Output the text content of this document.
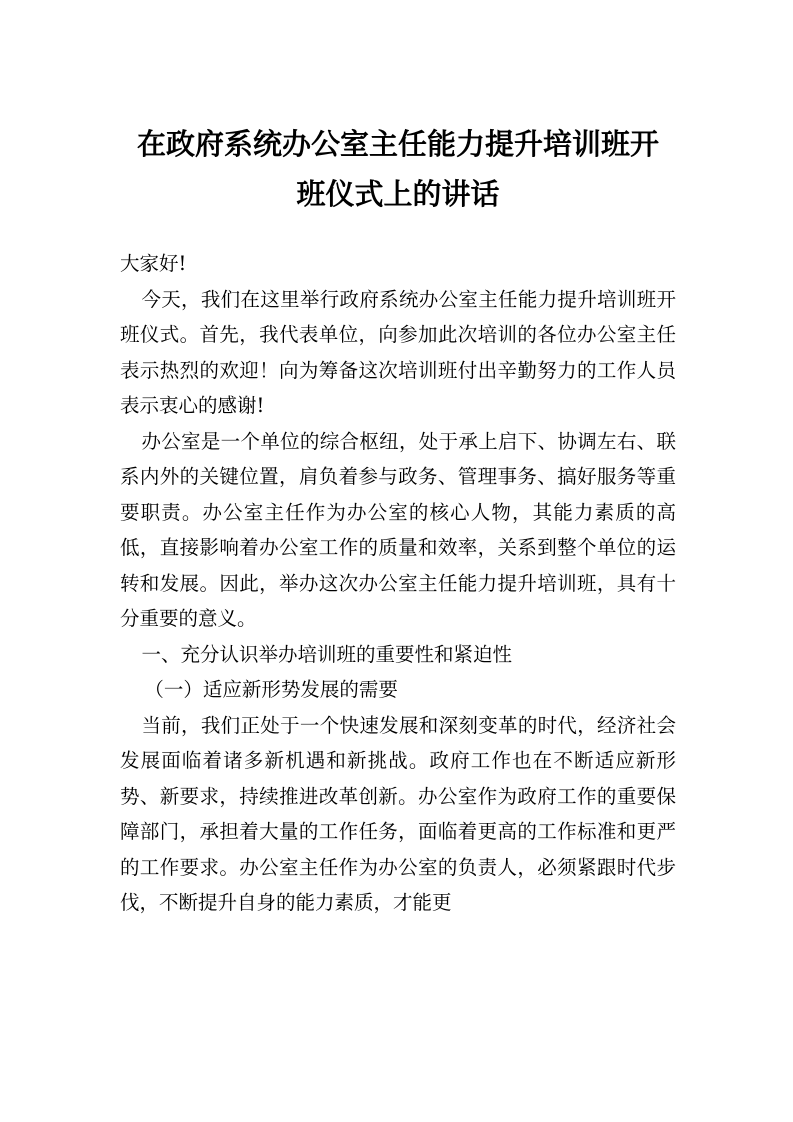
在政府系统办公室主任能力提升培训班开
班仪式上的讲话

大家好!

今天，我们在这里举行政府系统办公室主任能力提升培训班开班仪式。首先，我代表单位，向参加此次培训的各位办公室主任表示热烈的欢迎！向为筹备这次培训班付出辛勤努力的工作人员表示衷心的感谢!

办公室是一个单位的综合枢纽，处于承上启下、协调左右、联系内外的关键位置，肩负着参与政务、管理事务、搞好服务等重要职责。办公室主任作为办公室的核心人物，其能力素质的高低，直接影响着办公室工作的质量和效率，关系到整个单位的运转和发展。因此，举办这次办公室主任能力提升培训班，具有十分重要的意义。

一、充分认识举办培训班的重要性和紧迫性

（一）适应新形势发展的需要

当前，我们正处于一个快速发展和深刻变革的时代，经济社会发展面临着诸多新机遇和新挑战。政府工作也在不断适应新形势、新要求，持续推进改革创新。办公室作为政府工作的重要保障部门，承担着大量的工作任务，面临着更高的工作标准和更严的工作要求。办公室主任作为办公室的负责人，必须紧跟时代步伐，不断提升自身的能力素质，才能更
